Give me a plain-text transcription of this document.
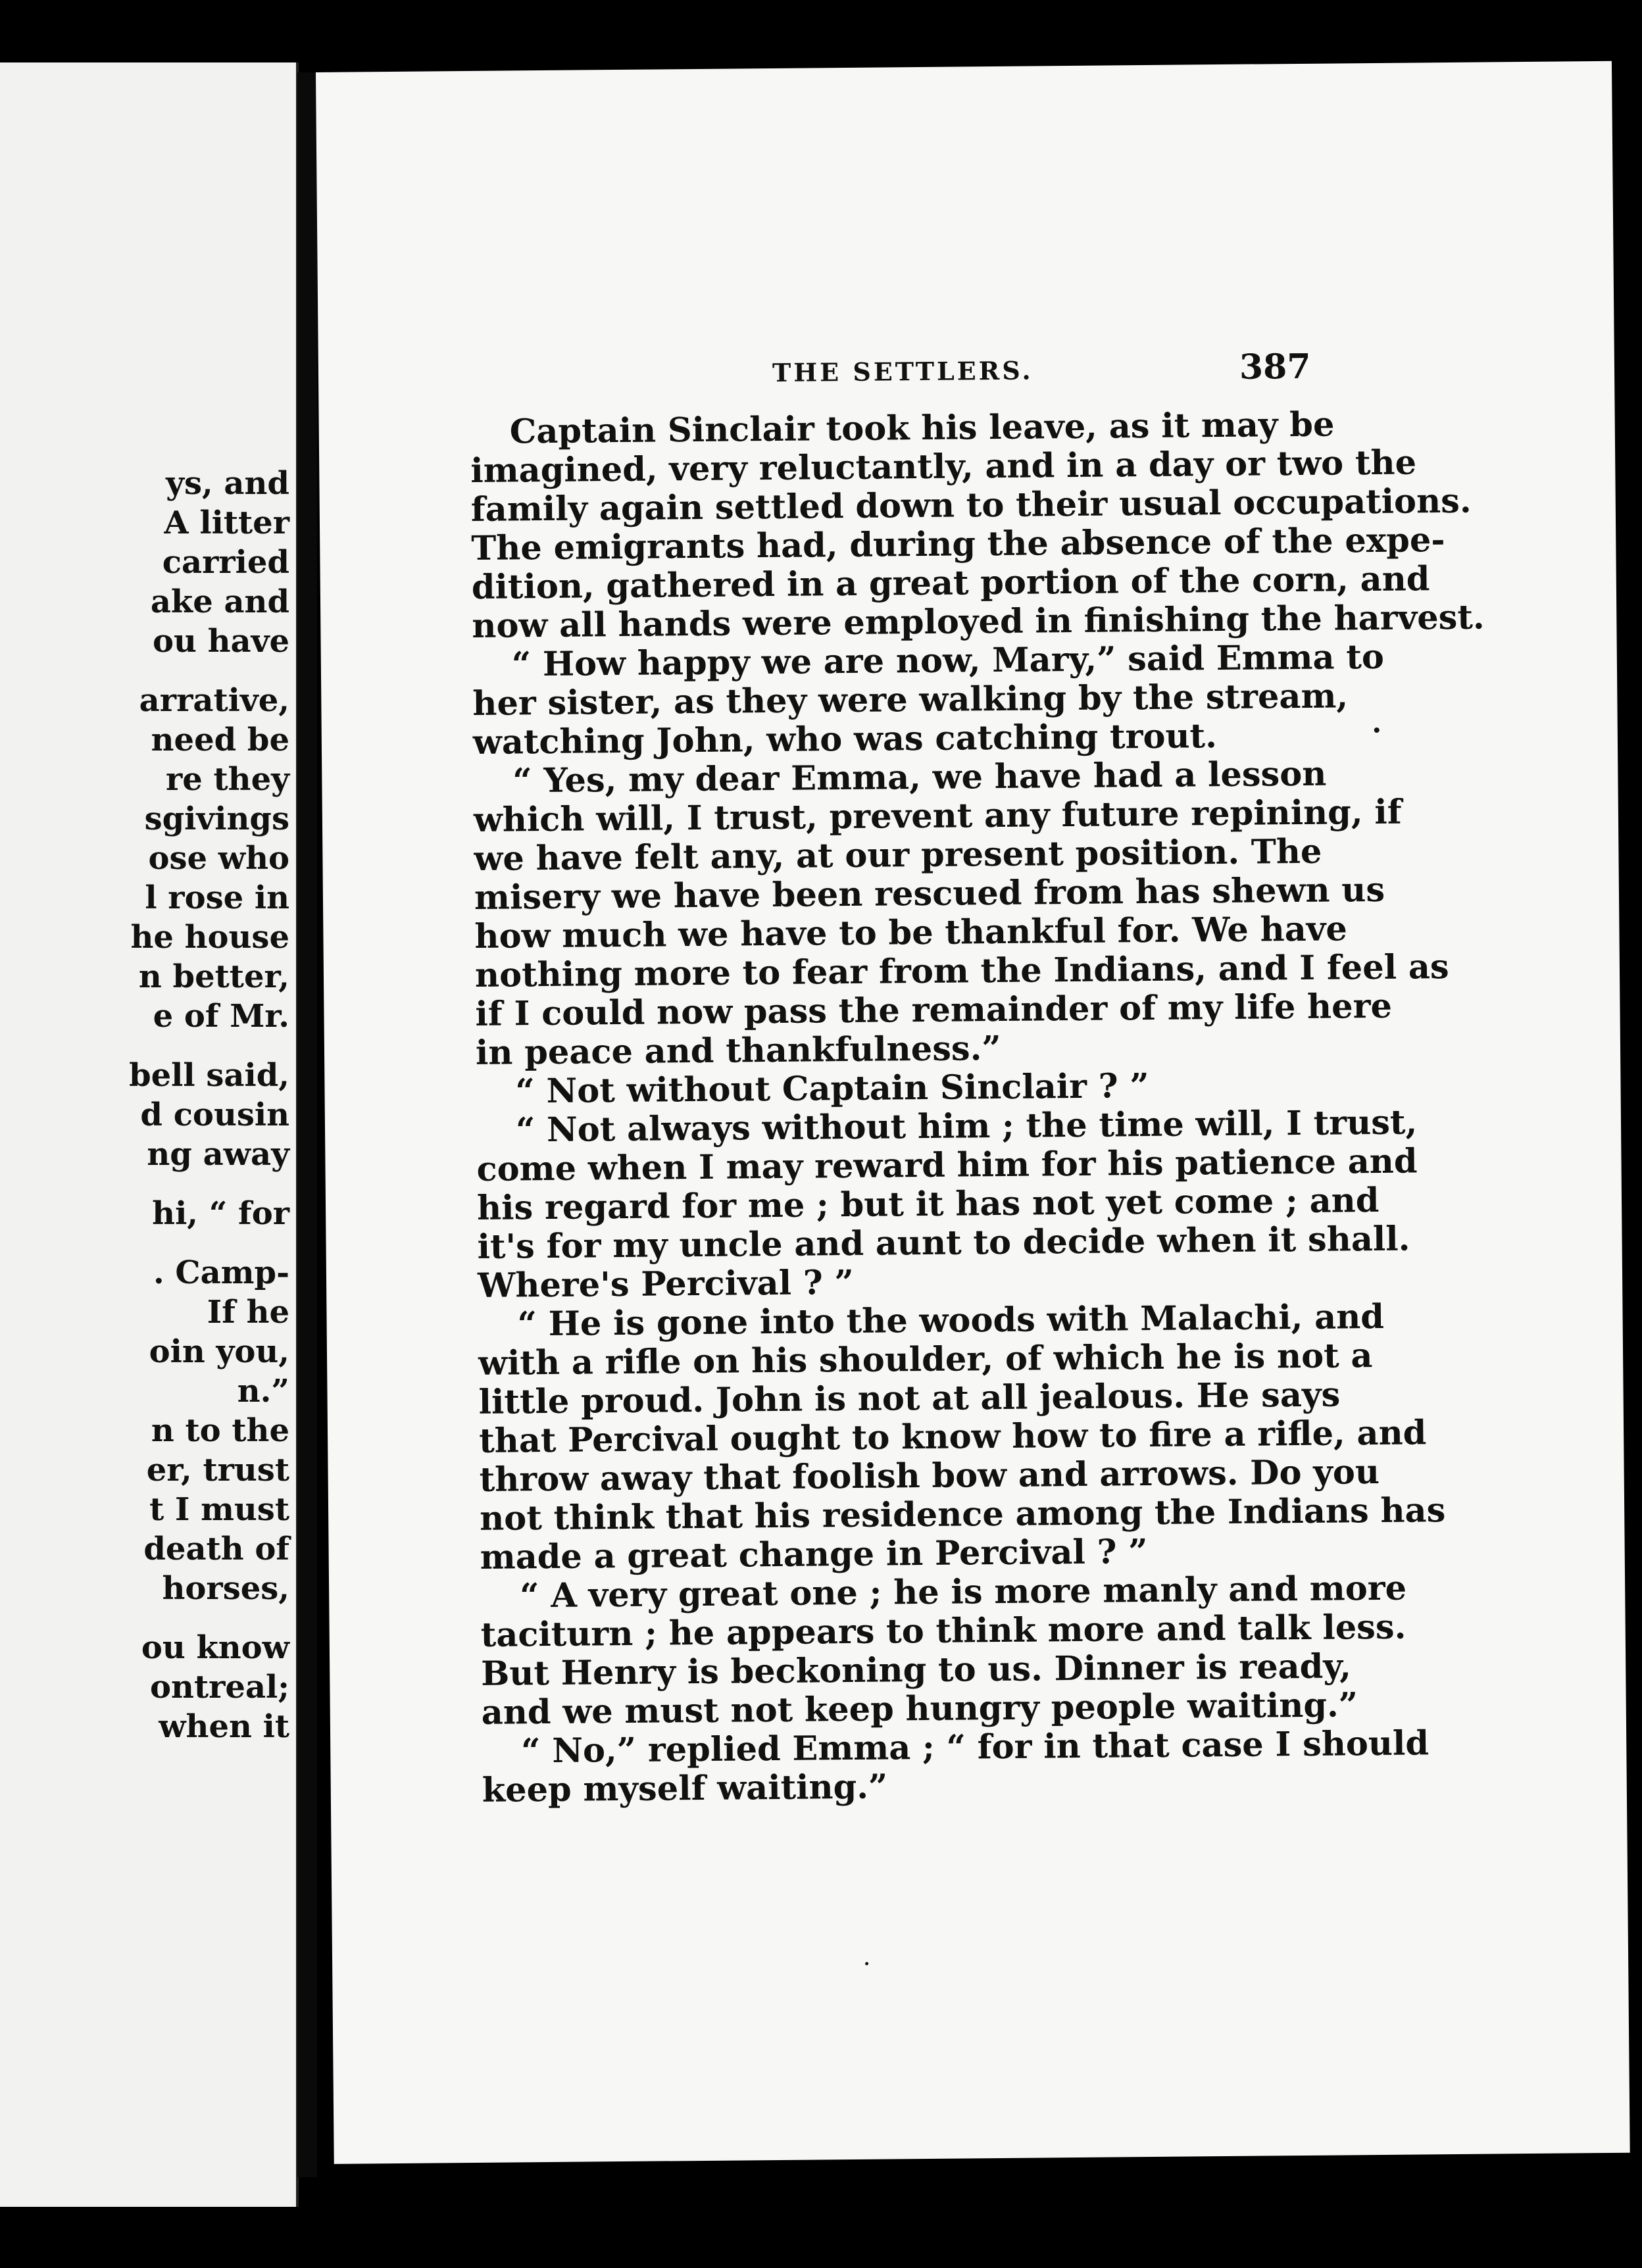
ys, and
A litter
carried
ake and
ou have
arrative,
need be
re they
sgivings
ose who
l rose in
he house
n better,
e of Mr.
bell said,
d cousin
ng away
hi, “ for
. Camp-
If he
oin you,
n.”
n to the
er, trust
t I must
death of
horses,
ou know
ontreal;
when it
THE SETTLERS.	387
Captain Sinclair took his leave, as it may be
imagined, very reluctantly, and in a day or two the
family again settled down to their usual occupations.
The emigrants had, during the absence of the expe-
dition, gathered in a great portion of the corn, and
now all hands were employed in finishing the harvest.
“ How happy we are now, Mary,” said Emma to
her sister, as they were walking by the stream,
watching John, who was catching trout.
“ Yes, my dear Emma, we have had a lesson
which will, I trust, prevent any future repining, if
we have felt any, at our present position. The
misery we have been rescued from has shewn us
how much we have to be thankful for. We have
nothing more to fear from the Indians, and I feel as
if I could now pass the remainder of my life here
in peace and thankfulness.”
“ Not without Captain Sinclair ? ”
“ Not always without him ; the time will, I trust,
come when I may reward him for his patience and
his regard for me ; but it has not yet come ; and
it's for my uncle and aunt to decide when it shall.
Where's Percival ? ”
“ He is gone into the woods with Malachi, and
with a rifle on his shoulder, of which he is not a
little proud. John is not at all jealous. He says
that Percival ought to know how to fire a rifle, and
throw away that foolish bow and arrows. Do you
not think that his residence among the Indians has
made a great change in Percival ? ”
“ A very great one ; he is more manly and more
taciturn ; he appears to think more and talk less.
But Henry is beckoning to us. Dinner is ready,
and we must not keep hungry people waiting.”
“ No,” replied Emma ; “ for in that case I should
keep myself waiting.”
